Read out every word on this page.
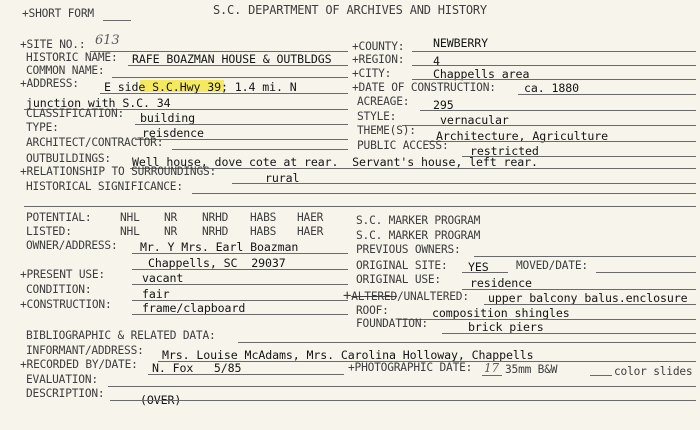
+SHORT FORM	S.C. DEPARTMENT OF ARCHIVES AND HISTORY
+SITE NO.: 613
HISTORIC NAME: RAFE BOAZMAN HOUSE & OUTBLDGS
COMMON NAME:
+ADDRESS: E side S.C.Hwy 39; 1.4 mi. N
junction with S.C. 34
CLASSIFICATION: building
TYPE:	reisdence
ARCHITECT/CONTRACTOR:
OUTBUILDINGS: Well house, dove cote at rear.  Servant's house, left rear.
+RELATIONSHIP TO SURROUNDINGS:	rural
HISTORICAL SIGNIFICANCE:
+COUNTY: NEWBERRY
+REGION: 4
+CITY:	Chappells area
+DATE OF CONSTRUCTION: ca. 1880
ACREAGE: 295
STYLE:	vernacular
THEME(S): Architecture, Agriculture
PUBLIC ACCESS: restricted
POTENTIAL:	NHL NR NRHD HABS HAER
LISTED:	NHL NR NRHD HABS HAER
OWNER/ADDRESS: Mr. Y Mrs. Earl Boazman
Chappells, SC  29037
+PRESENT USE:	vacant
CONDITION:	fair
+CONSTRUCTION:	frame/clapboard
S.C. MARKER PROGRAM
S.C. MARKER PROGRAM
PREVIOUS OWNERS:
ORIGINAL SITE: YES MOVED/DATE:
ORIGINAL USE:	residence
+ALTERED/UNALTERED: upper balcony balus.enclosure
ROOF:	composition shingles
FOUNDATION:	brick piers
BIBLIOGRAPHIC & RELATED DATA:
INFORMANT/ADDRESS: Mrs. Louise McAdams, Mrs. Carolina Holloway, Chappells
+RECORDED BY/DATE: N. Fox   5/85	+PHOTOGRAPHIC DATE: 17 35mm B&W	color slides
EVALUATION:
DESCRIPTION:	(OVER)
